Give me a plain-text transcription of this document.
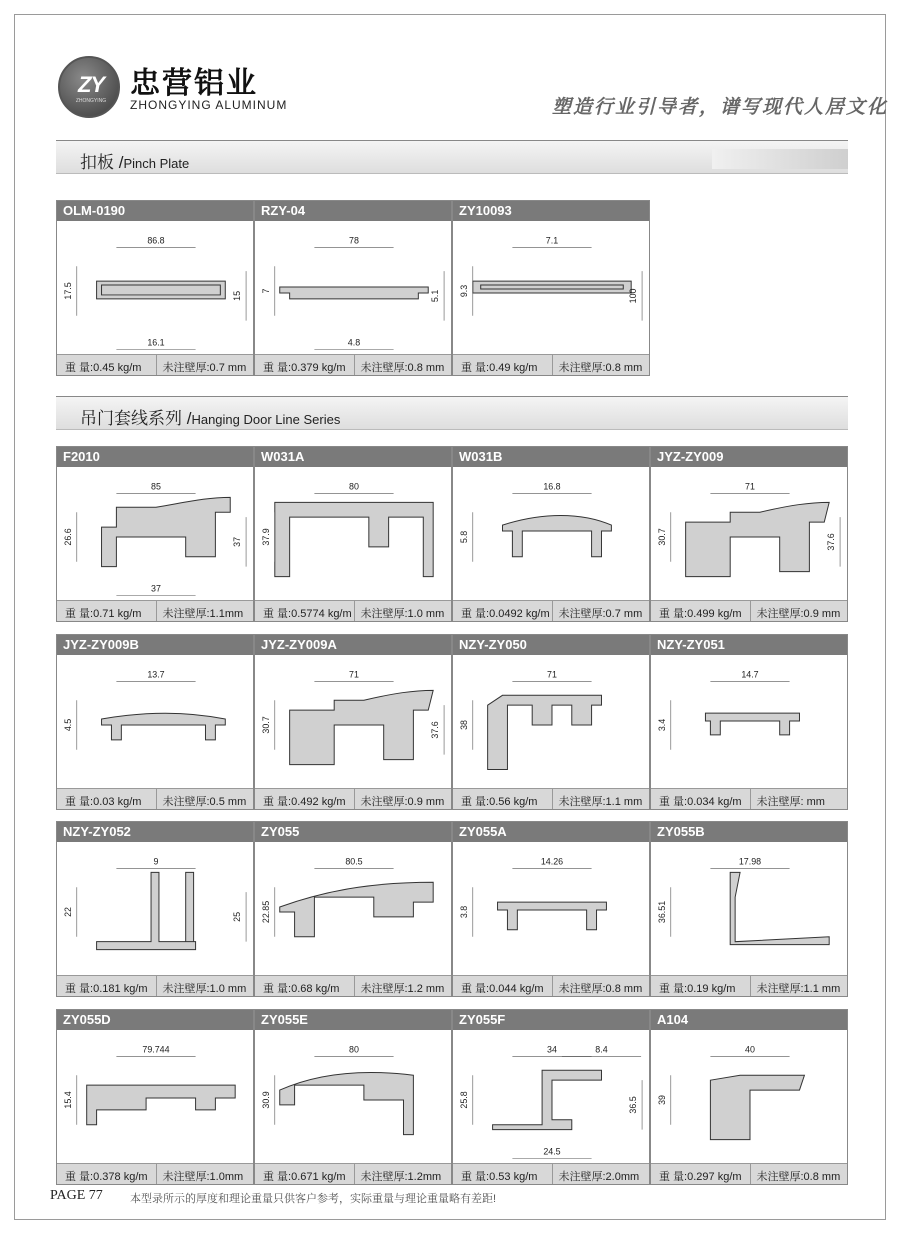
ZY
ZHONGYING
忠营铝业
ZHONGYING ALUMINUM	塑造行业引导者，谱写现代人居文化
扣板 /Pinch Plate
吊门套线系列 /Hanging Door Line Series
OLM-0190
86.8
17.5	15
16.1
重 量:0.45 kg/m	未注壁厚:0.7 mm
RZY-04
78
7	5.1
4.8
重 量:0.379 kg/m	未注壁厚:0.8 mm
ZY10093
7.1
9.3	100
重 量:0.49 kg/m	未注壁厚:0.8 mm
F2010
85
26.6	37
37
重 量:0.71 kg/m	未注壁厚:1.1mm
W031A
80
37.9
重 量:0.5774 kg/m 未注壁厚:1.0 mm
W031B
16.8
5.8
重 量:0.0492 kg/m 未注壁厚:0.7 mm
JYZ-ZY009
71
30.7	37.6
重 量:0.499 kg/m	未注壁厚:0.9 mm
JYZ-ZY009B
13.7
4.5
重 量:0.03 kg/m	未注壁厚:0.5 mm
JYZ-ZY009A
71
30.7	37.6
重 量:0.492 kg/m	未注壁厚:0.9 mm
NZY-ZY050
71
38
重 量:0.56 kg/m	未注壁厚:1.1 mm
NZY-ZY051
14.7
3.4
重 量:0.034 kg/m	未注壁厚: mm
NZY-ZY052
9
22
25
重 量:0.181 kg/m	未注壁厚:1.0 mm
ZY055
80.5
22.85
重 量:0.68 kg/m	未注壁厚:1.2 mm
ZY055A
14.26
3.8
重 量:0.044 kg/m	未注壁厚:0.8 mm
ZY055B
17.98
36.51
重 量:0.19 kg/m	未注壁厚:1.1 mm
ZY055D
79.744
15.4
重 量:0.378 kg/m	未注壁厚:1.0mm
ZY055E
80
30.9
重 量:0.671 kg/m	未注壁厚:1.2mm
ZY055F
34
25.8	36.5
24.5
8.4
重 量:0.53 kg/m	未注壁厚:2.0mm
A104
40
39
重 量:0.297 kg/m	未注壁厚:0.8 mm
PAGE 77 本型录所示的厚度和理论重量只供客户参考，实际重量与理论重量略有差距!
